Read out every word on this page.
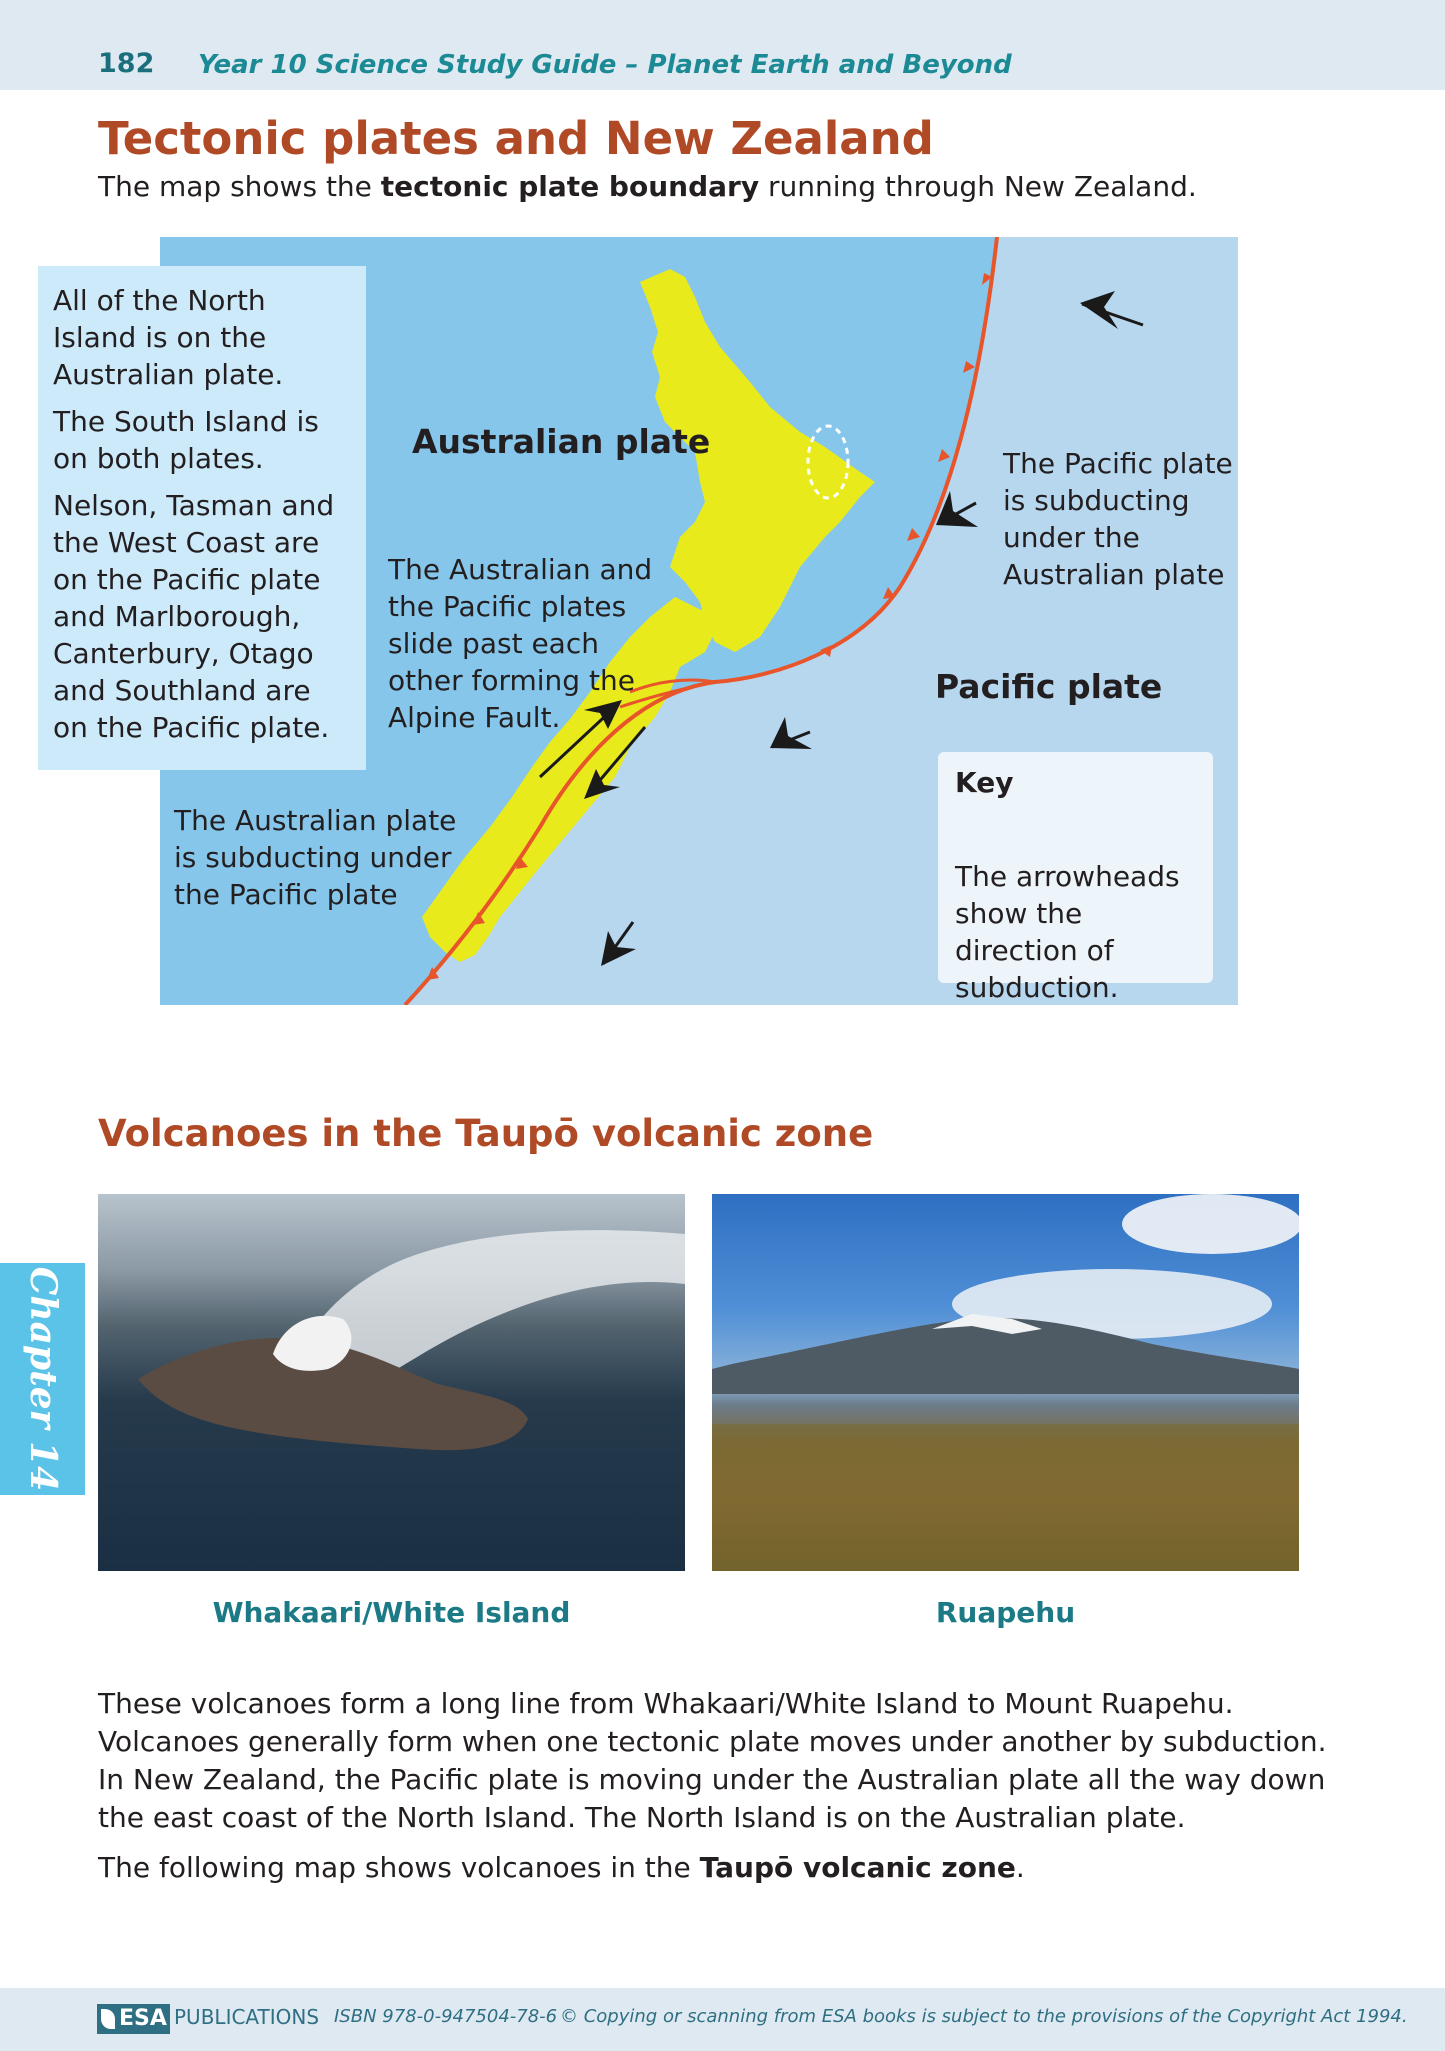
182 Year 10 Science Study Guide – Planet Earth and Beyond
Tectonic plates and New Zealand

The map shows the tectonic plate boundary running through New Zealand.

All of the North Island is on the Australian plate.

The South Island is on both plates.

Nelson, Tasman and the West Coast are on the Pacific plate and Marlborough, Canterbury, Otago and Southland are on the Pacific plate.

Australian plate
Pacific plate
The Australian and the Pacific plates slide past each other forming the Alpine Fault.
The Pacific plate is subducting under the Australian plate
The Australian plate is subducting under the Pacific plate
Key
The arrowheads show the direction of subduction.
Volcanoes in the Taupō volcanic zone
Whakaari/White Island	Ruapehu

These volcanoes form a long line from Whakaari/White Island to Mount Ruapehu. Volcanoes generally form when one tectonic plate moves under another by subduction. In New Zealand, the Pacific plate is moving under the Australian plate all the way down the east coast of the North Island. The North Island is on the Australian plate.

The following map shows volcanoes in the Taupō volcanic zone.

Chapter 14
ESA PUBLICATIONS ISBN 978-0-947504-78-6 © Copying or scanning from ESA books is subject to the provisions of the Copyright Act 1994.
